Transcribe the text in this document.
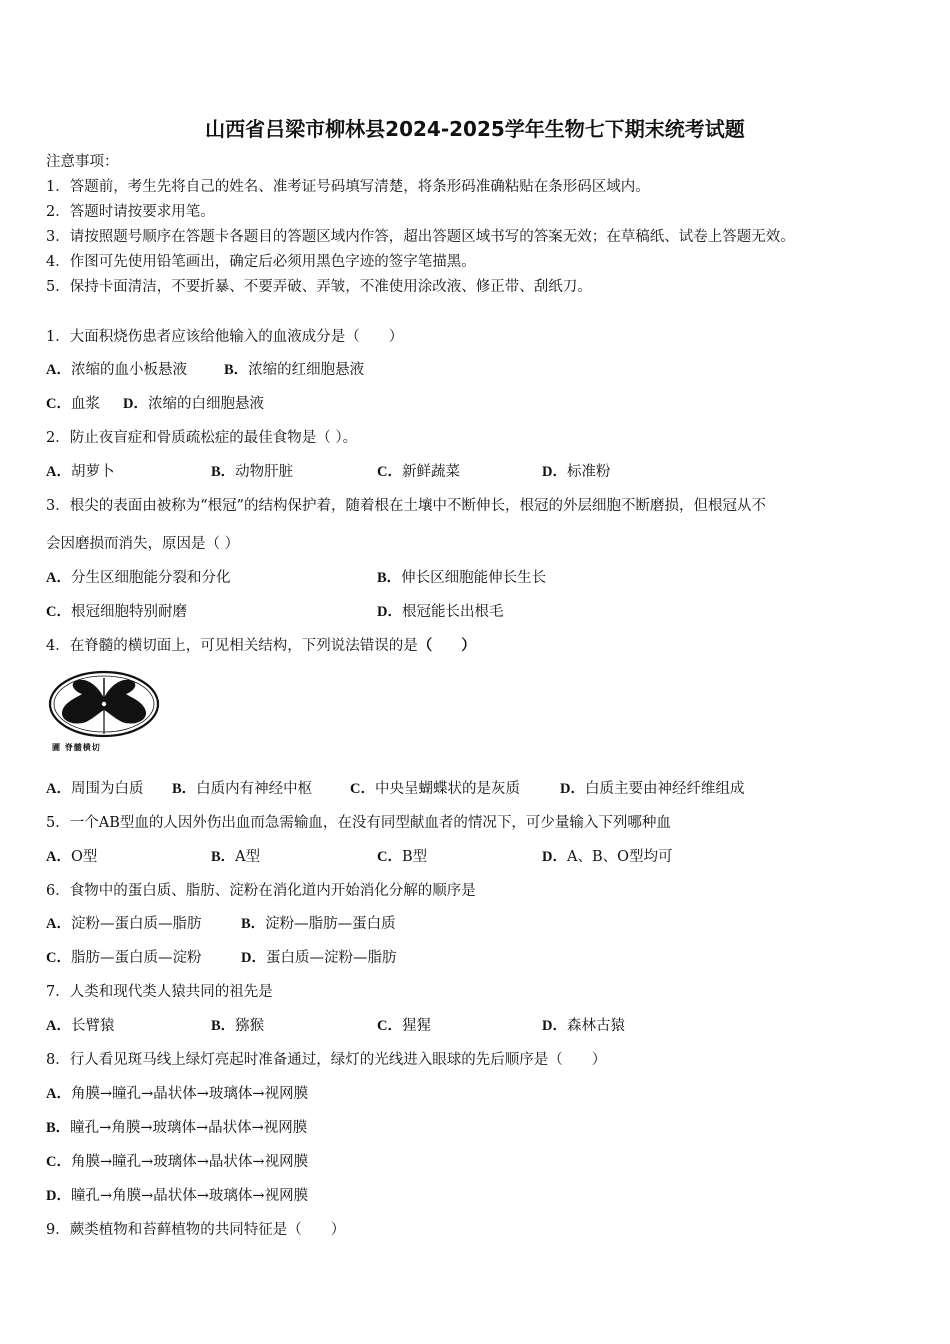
山西省吕梁市柳林县2024-2025学年生物七下期末统考试题
注意事项：
1．答题前，考生先将自己的姓名、准考证号码填写清楚，将条形码准确粘贴在条形码区域内。
2．答题时请按要求用笔。
3．请按照题号顺序在答题卡各题目的答题区域内作答，超出答题区域书写的答案无效；在草稿纸、试卷上答题无效。
4．作图可先使用铅笔画出，确定后必须用黑色字迹的签字笔描黑。
5．保持卡面清洁，不要折暴、不要弄破、弄皱，不准使用涂改液、修正带、刮纸刀。
1．大面积烧伤患者应该给他输入的血液成分是（　　）
A．浓缩的血小板悬液	B．浓缩的红细胞悬液
C．血浆 D．浓缩的白细胞悬液
2．防止夜盲症和骨质疏松症的最佳食物是（ ）。
A．胡萝卜	B．动物肝脏	C．新鲜蔬菜	D．标准粉
3．根尖的表面由被称为“根冠”的结构保护着，随着根在土壤中不断伸长，根冠的外层细胞不断磨损，但根冠从不
会因磨损而消失，原因是（ ）
A．分生区细胞能分裂和分化	B．伸长区细胞能伸长生长
C．根冠细胞特别耐磨	D．根冠能长出根毛
4．在脊髓的横切面上，可见相关结构，下列说法错误的是（　　）
圕 脊髓横切
A．周围为白质 B．白质内有神经中枢	C．中央呈蝴蝶状的是灰质	D．白质主要由神经纤维组成
5．一个AB型血的人因外伤出血而急需输血，在没有同型献血者的情况下，可少量输入下列哪种血
A．O型	B．A型	C．B型	D．A、B、O型均可
6．食物中的蛋白质、脂肪、淀粉在消化道内开始消化分解的顺序是
A．淀粉—蛋白质—脂肪	B．淀粉—脂肪—蛋白质
C．脂肪—蛋白质—淀粉	D．蛋白质—淀粉—脂肪
7．人类和现代类人猿共同的祖先是
A．长臂猿	B．猕猴	C．猩猩	D．森林古猿
8．行人看见斑马线上绿灯亮起时准备通过，绿灯的光线进入眼球的先后顺序是（　　）
A．角膜→瞳孔→晶状体→玻璃体→视网膜
B．瞳孔→角膜→玻璃体→晶状体→视网膜
C．角膜→瞳孔→玻璃体→晶状体→视网膜
D．瞳孔→角膜→晶状体→玻璃体→视网膜
9．蕨类植物和苔藓植物的共同特征是（　　）
